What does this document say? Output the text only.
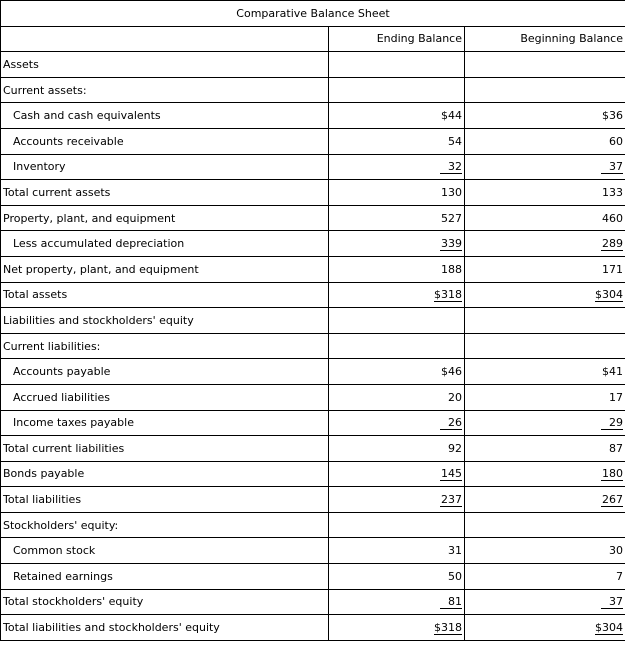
Comparative Balance Sheet		
	Ending Balance	Beginning Balance
Assets		
Current assets:		
Cash and cash equivalents	$44	$36
Accounts receivable	54	60
Inventory	32	37
Total current assets	130	133
Property, plant, and equipment	527	460
Less accumulated depreciation	339	289
Net property, plant, and equipment	188	171
Total assets	$318	$304
Liabilities and stockholders' equity		
Current liabilities:		
Accounts payable	$46	$41
Accrued liabilities	20	17
Income taxes payable	26	29
Total current liabilities	92	87
Bonds payable	145	180
Total liabilities	237	267
Stockholders' equity:		
Common stock	31	30
Retained earnings	50	7
Total stockholders' equity	81	37
Total liabilities and stockholders' equity	$318	$304
